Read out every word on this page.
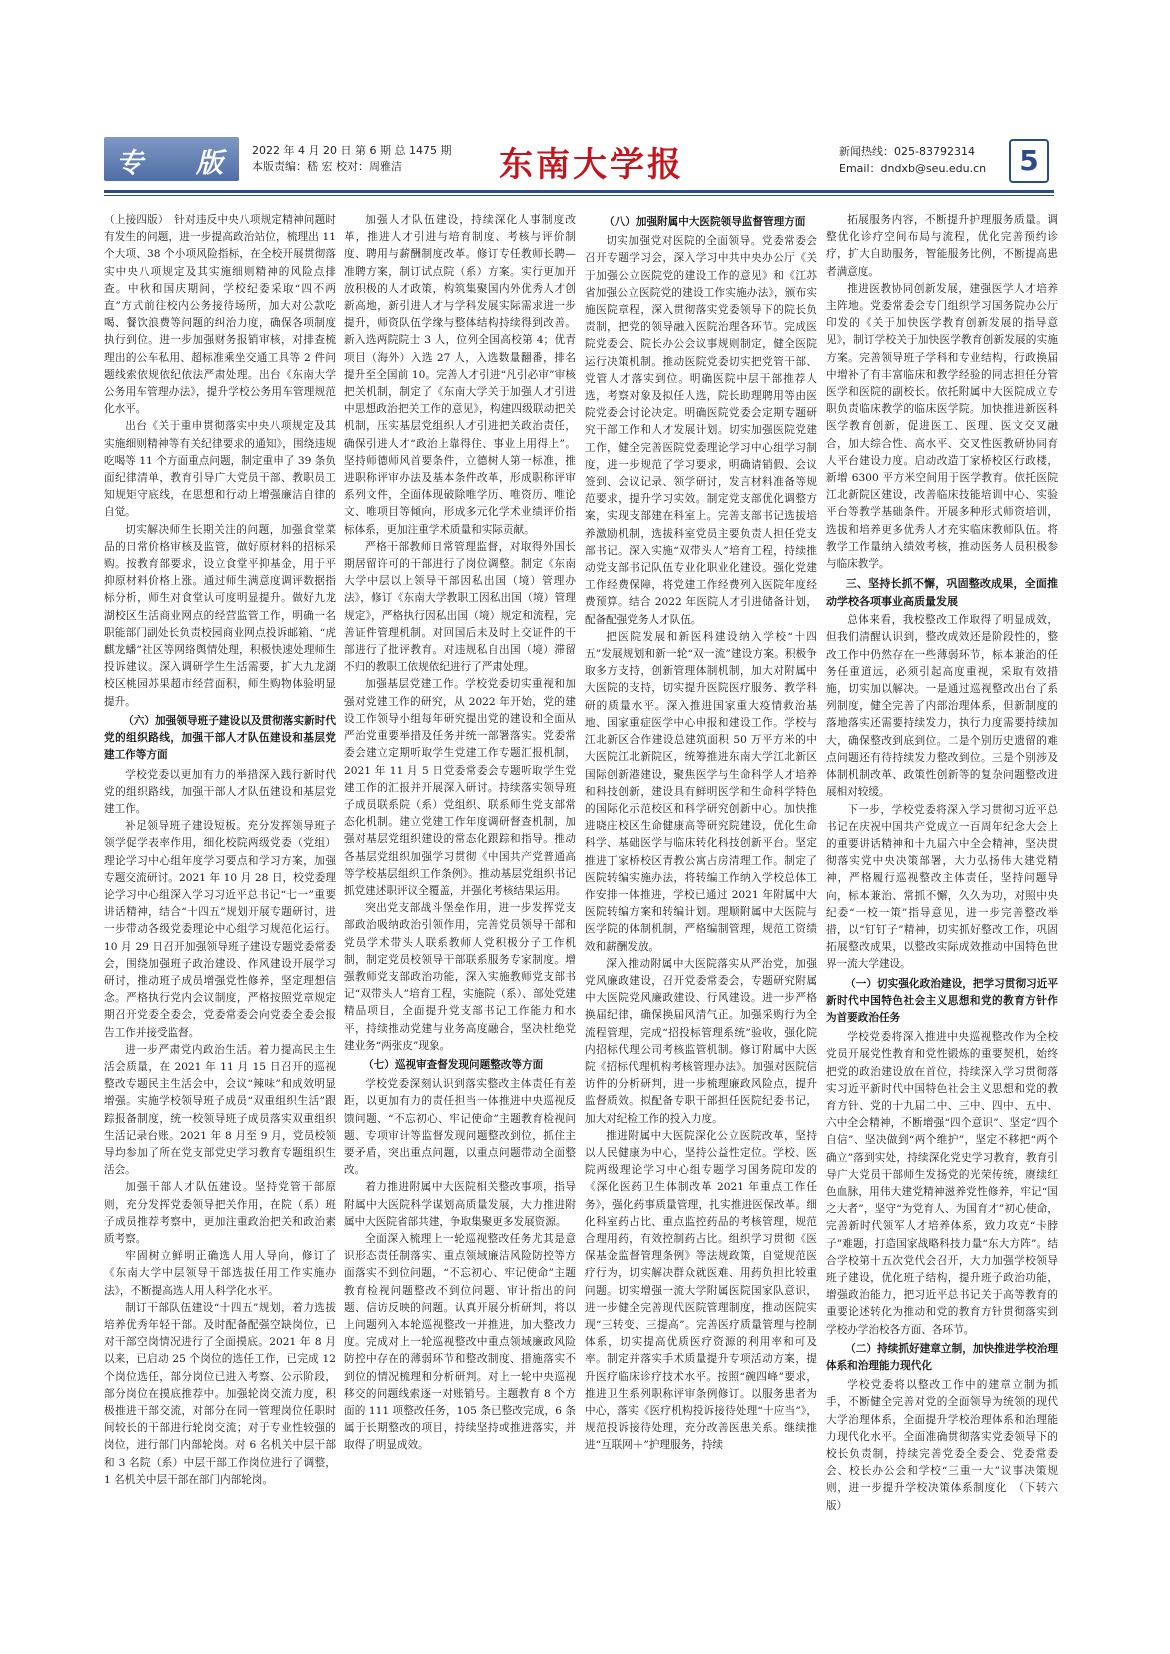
专 版	2022 年 4 月 20 日 第 6 期 总 1475 期
本版责编：嵇 宏 校对：周雅洁	东南大学报	新闻热线：025-83792314
Email：dndxb@seu.edu.cn	5

（上接四版）　针对违反中央八项规定精神问题时有发生的问题，进一步提高政治站位，梳理出 11 个大项、38 个小项风险指标，在全校开展贯彻落实中央八项规定及其实施细则精神的风险点排查。中秋和国庆期间，学校纪委采取“四不两直”方式前往校内公务接待场所，加大对公款吃喝、餐饮浪费等问题的纠治力度，确保各项制度执行到位。进一步加强财务报销审核，对排查梳理出的公车私用、超标准乘坐交通工具等 2 件问题线索依规依纪依法严肃处理。出台《东南大学公务用车管理办法》，提升学校公务用车管理规范化水平。

出台《关于重申贯彻落实中央八项规定及其实施细则精神等有关纪律要求的通知》，围绕违规吃喝等 11 个方面重点问题，制定重申了 39 条负面纪律清单，教育引导广大党员干部、教职员工知规矩守底线，在思想和行动上增强廉洁自律的自觉。

切实解决师生长期关注的问题，加强食堂菜品的日常价格审核及监管，做好原材料的招标采购。按教育部要求，设立食堂平抑基金，用于平抑原材料价格上涨。通过师生满意度调评数据指标分析，师生对食堂认可度明显提升。做好九龙湖校区生活商业网点的经营监管工作，明确一名职能部门副处长负责校园商业网点投诉邮箱、“虎麒龙蟠”社区等网络舆情处理，积极快速处理师生投诉建议。深入调研学生生活需要，扩大九龙湖校区桃园苏果超市经营面积，师生购物体验明显提升。

（六）加强领导班子建设以及贯彻落实新时代党的组织路线，加强干部人才队伍建设和基层党建工作等方面

学校党委以更加有力的举措深入践行新时代党的组织路线，加强干部人才队伍建设和基层党建工作。

补足领导班子建设短板。充分发挥领导班子领学促学表率作用，细化校院两级党委（党组）理论学习中心组年度学习要点和学习方案，加强专题交流研讨。2021 年 10 月 28 日，校党委理论学习中心组深入学习习近平总书记“七一”重要讲话精神，结合“十四五”规划开展专题研讨，进一步带动各级党委理论中心组学习规范化运行。10 月 29 日召开加强领导班子建设专题党委常委会，围绕加强班子政治建设、作风建设开展学习研讨，推动班子成员增强党性修养，坚定理想信念。严格执行党内会议制度，严格按照党章规定期召开党委全委会，党委常委会向党委全委会报告工作并接受监督。

进一步严肃党内政治生活。着力提高民主生活会质量，在 2021 年 11 月 15 日召开的巡视整改专题民主生活会中，会议“辣味”和成效明显增强。实施学校领导班子成员“双重组织生活”跟踪报备制度，统一校领导班子成员落实双重组织生活记录台账。2021 年 8 月至 9 月，党员校领导均参加了所在党支部党史学习教育专题组织生活会。

加强干部人才队伍建设。坚持党管干部原则，充分发挥党委领导把关作用，在院（系）班子成员推荐考察中，更加注重政治把关和政治素质考察。

牢固树立鲜明正确选人用人导向，修订了《东南大学中层领导干部选拔任用工作实施办法》，不断提高选人用人科学化水平。

制订干部队伍建设“十四五”规划，着力选拔培养优秀年轻干部。及时配备配强空缺岗位，已对干部空岗情况进行了全面摸底。2021 年 8 月以来，已启动 25 个岗位的选任工作，已完成 12 个岗位选任，部分岗位已进入考察、公示阶段，部分岗位在摸底推荐中。加强轮岗交流力度，积极推进干部交流，对部分在同一管理岗位任职时间较长的干部进行轮岗交流；对于专业性较强的岗位，进行部门内部轮岗。对 6 名机关中层干部和 3 名院（系）中层干部工作岗位进行了调整，1 名机关中层干部在部门内部轮岗。

加强人才队伍建设，持续深化人事制度改革，推进人才引进与培育制度、考核与评价制度、聘用与薪酬制度改革。修订专任教师长聘—准聘方案，制订试点院（系）方案。实行更加开放积极的人才政策，构筑集聚国内外优秀人才创新高地，新引进人才与学科发展实际需求进一步提升，师资队伍学缘与整体结构持续得到改善。新入选两院院士 3 人，位列全国高校第 4；优青项目（海外）入选 27 人，入选数量翻番，排名提升至全国前 10。完善人才引进“凡引必审”审核把关机制，制定了《东南大学关于加强人才引进中思想政治把关工作的意见》，构建四级联动把关机制，压实基层党组织人才引进把关政治责任，确保引进人才“政治上靠得住、事业上用得上”。坚持师德师风首要条件，立德树人第一标准，推进职称评审办法及基本条件改革，形成职称评审系列文件，全面体现破除唯学历、唯资历、唯论文、唯项目等倾向，形成多元化学术业绩评价指标体系，更加注重学术质量和实际贡献。

严格干部教师日常管理监督，对取得外国长期居留许可的干部进行了岗位调整。制定《东南大学中层以上领导干部因私出国（境）管理办法》，修订《东南大学教职工因私出国（境）管理规定》，严格执行因私出国（境）规定和流程，完善证件管理机制。对回国后未及时上交证件的干部进行了批评教育。对违规私自出国（境）滞留不归的教职工依规依纪进行了严肃处理。

加强基层党建工作。学校党委切实重视和加强对党建工作的研究，从 2022 年开始，党的建设工作领导小组每年研究提出党的建设和全面从严治党重要举措及任务并统一部署落实。党委常委会建立定期听取学生党建工作专题汇报机制，2021 年 11 月 5 日党委常委会专题听取学生党建工作的汇报并开展深入研讨。持续落实领导班子成员联系院（系）党组织、联系师生党支部常态化机制。建立党建工作年度调研督查机制，加强对基层党组织建设的常态化跟踪和指导。推动各基层党组织加强学习贯彻《中国共产党普通高等学校基层组织工作条例》。推动基层党组织书记抓党建述职评议全覆盖，并强化考核结果运用。

突出党支部战斗堡垒作用，进一步发挥党支部政治吸纳政治引领作用，完善党员领导干部和党员学术带头人联系教师人党积极分子工作机制，制定党员校领导干部联系服务专家制度。增强教师党支部政治功能，深入实施教师党支部书记“双带头人”培育工程，实施院（系）、部处党建精品项目，全面提升党支部书记工作能力和水平，持续推动党建与业务高度融合，坚决杜绝党建业务“两张皮”现象。

（七）巡视审查督发现问题整改等方面

学校党委深刻认识到落实整改主体责任有差距，以更加有力的责任担当一体推进中央巡视反馈问题、“不忘初心、牢记使命”主题教育检视问题、专项审计等监督发现问题整改到位，抓住主要矛盾，突出重点问题，以重点问题带动全面整改。

着力推进附属中大医院相关整改事项，指导附属中大医院科学谋划高质量发展，大力推进附属中大医院省部共建，争取集聚更多发展资源。

全面深入梳理上一轮巡视整改任务尤其是意识形态责任制落实、重点领域廉洁风险防控等方面落实不到位问题，“不忘初心、牢记使命”主题教育检视问题整改不到位问题、审计指出的问题、信访反映的问题。认真开展分析研判，将以上问题列入本轮巡视整改一并推进，加大整改力度。完成对上一轮巡视整改中重点领域廉政风险防控中存在的薄弱环节和整改制度、措施落实不到位的情况梳理和分析研判。对上一轮中央巡视移交的问题线索逐一对账销号。主题教育 8 个方面的 111 项整改任务，105 条已整改完成，6 条属于长期整改的项目，持续坚持或推进落实，并取得了明显成效。

（八）加强附属中大医院领导监督管理方面

切实加强党对医院的全面领导。党委常委会召开专题学习会，深入学习中共中央办公厅《关于加强公立医院党的建设工作的意见》和《江苏省加强公立医院党的建设工作实施办法》，颁布实施医院章程，深入贯彻落实党委领导下的院长负责制，把党的领导融入医院治理各环节。完成医院党委会、院长办公会议事规则制定，健全医院运行决策机制。推动医院党委切实把党管干部、党管人才落实到位。明确医院中层干部推荐人选，考察对象及拟任人选，院长助理聘用等由医院党委会讨论决定。明确医院党委会定期专题研究干部工作和人才发展计划。切实加强医院党建工作，健全完善医院党委理论学习中心组学习制度，进一步规范了学习要求，明确请销假、会议签到、会议记录、领学研讨，发言材料准备等规范要求，提升学习实效。制定党支部优化调整方案，实现支部建在科室上。完善支部书记选拔培养激励机制，选拔科室党员主要负责人担任党支部书记。深入实施“双带头人”培育工程，持续推动党支部书记队伍专业化职业化建设。强化党建工作经费保障，将党建工作经费列入医院年度经费预算。结合 2022 年医院人才引进储备计划，配备配强党务人才队伍。

把医院发展和新医科建设纳入学校“十四五”发展规划和新一轮“双一流”建设方案。积极争取多方支持，创新管理体制机制，加大对附属中大医院的支持，切实提升医院医疗服务、教学科研的质量水平。深入推进国家重大疫情救治基地、国家重症医学中心申报和建设工作。学校与江北新区合作建设总建筑面积 50 万平方米的中大医院江北新院区，统筹推进东南大学江北新区国际创新港建设，聚焦医学与生命科学人才培养和科技创新，建设具有鲜明医学和生命科学特色的国际化示范校区和科学研究创新中心。加快推进晓庄校区生命健康高等研究院建设，优化生命科学、基础医学与临床转化科技创新平台。坚定推进丁家桥校区青教公寓占房清理工作。制定了医院转编实施办法，将转编工作纳入学校总体工作安排一体推进，学校已通过 2021 年附属中大医院转编方案和转编计划。理顺附属中大医院与医学院的体制机制，严格编制管理，规范工资绩效和薪酬发放。

深入推动附属中大医院落实从严治党，加强党风廉政建设，召开党委常委会，专题研究附属中大医院党风廉政建设、行风建设。进一步严格换届纪律，确保换届风清气正。加强采购行为全流程管理，完成“招投标管理系统”验收，强化院内招标代理公司考核监管机制。修订附属中大医院《招标代理机构考核管理办法》。加强对医院信访件的分析研判，进一步梳理廉政风险点，提升监督质效。拟配备专职干部担任医院纪委书记，加大对纪检工作的投入力度。

推进附属中大医院深化公立医院改革，坚持以人民健康为中心，坚持公益性定位。学校、医院两级理论学习中心组专题学习国务院印发的《深化医药卫生体制改革 2021 年重点工作任务》，强化药事质量管理，扎实推进医保改革。细化科室药占比、重点监控药品的考核管理，规范合理用药，有效控制药占比。组织学习贯彻《医保基金监督管理条例》等法规政策，自觉规范医疗行为，切实解决群众就医难、用药负担比较重问题。切实增强一流大学附属医院国家队意识，进一步健全完善现代医院管理制度，推动医院实现“三转变、三提高”。完善医疗质量管理与控制体系，切实提高优质医疗资源的利用率和可及率。制定并落实手术质量提升专项活动方案，提升医疗临床诊疗技术水平。按照“碗四峰”要求，推进卫生系列职称评审条例修订。以服务患者为中心，落实《医疗机构投诉接待处理“十应当”》，规范投诉接待处理，充分改善医患关系。继续推进“互联网＋”护理服务，持续

拓展服务内容，不断提升护理服务质量。调整优化诊疗空间布局与流程，优化完善预约诊疗，扩大自助服务，智能服务比例，不断提高患者满意度。

推进医教协同创新发展，建强医学人才培养主阵地。党委常委会专门组织学习国务院办公厅印发的《关于加快医学教育创新发展的指导意见》，制订学校关于加快医学教育创新发展的实施方案。完善领导班子学科和专业结构，行政换届中增补了有丰富临床和教学经验的同志担任分管医学和医院的副校长。依托附属中大医院成立专职负责临床教学的临床医学院。加快推进新医科医学教育创新，促进医工、医理、医文交叉融合，加大综合性、高水平、交叉性医教研协同育人平台建设力度。启动改造丁家桥校区行政楼，新增 6300 平方米空间用于医学教育。依托医院江北新院区建设，改善临床技能培训中心、实验平台等教学基础条件。开展多种形式师资培训，选拔和培养更多优秀人才充实临床教师队伍。将教学工作量纳入绩效考核，推动医务人员积极参与临床教学。

三、坚持长抓不懈，巩固整改成果，全面推动学校各项事业高质量发展

总体来看，我校整改工作取得了明显成效，但我们清醒认识到，整改成效还是阶段性的，整改工作中仍然存在一些薄弱环节，标本兼治的任务任重道远，必须引起高度重视，采取有效措施，切实加以解决。一是通过巡视整改出台了系列制度，健全完善了内部治理体系，但新制度的落地落实还需要持续发力，执行力度需要持续加大，确保整改到底到位。二是个别历史遗留的难点问题还有待持续发力整改到位。三是个别涉及体制机制改革、政策性创新等的复杂问题整改进展相对较缓。

下一步，学校党委将深入学习贯彻习近平总书记在庆祝中国共产党成立一百周年纪念大会上的重要讲话精神和十九届六中全会精神，坚决贯彻落实党中央决策部署，大力弘扬伟大建党精神，严格履行巡视整改主体责任，坚持问题导向，标本兼治、常抓不懈，久久为功，对照中央纪委“一校一策”指导意见，进一步完善整改举措，以“钉钉子”精神，切实抓好整改工作，巩固拓展整改成果，以整改实际成效推动中国特色世界一流大学建设。

（一）切实强化政治建设，把学习贯彻习近平新时代中国特色社会主义思想和党的教育方针作为首要政治任务

学校党委将深入推进中央巡视整改作为全校党员开展党性教育和党性锻炼的重要契机，始终把党的政治建设放在首位，持续深入学习贯彻落实习近平新时代中国特色社会主义思想和党的教育方针、党的十九届二中、三中、四中、五中、六中全会精神，不断增强“四个意识”、坚定“四个自信”、坚决做到“两个维护”，坚定不移把“两个确立”落到实处，持续深化党史学习教育，教育引导广大党员干部师生发扬党的光荣传统，赓续红色血脉，用伟大建党精神滋养党性修养，牢记“国之大者”，坚守“为党育人、为国育才”初心使命，完善新时代领军人才培养体系，致力攻克“卡脖子”难题，打造国家战略科技力量“东大方阵”。结合学校第十五次党代会召开，大力加强学校领导班子建设，优化班子结构，提升班子政治功能，增强政治能力，把习近平总书记关于高等教育的重要论述转化为推动和党的教育方针贯彻落实到学校办学治校各方面、各环节。

（二）持续抓好建章立制，加快推进学校治理体系和治理能力现代化

学校党委将以整改工作中的建章立制为抓手，不断健全完善对党的全面领导为统领的现代大学治理体系，全面提升学校治理体系和治理能力现代化水平。全面准确贯彻落实党委领导下的校长负责制，持续完善党委全委会、党委常委会、校长办公会和学校“三重一大”议事决策规则，进一步提升学校决策体系制度化　（下转六版）
